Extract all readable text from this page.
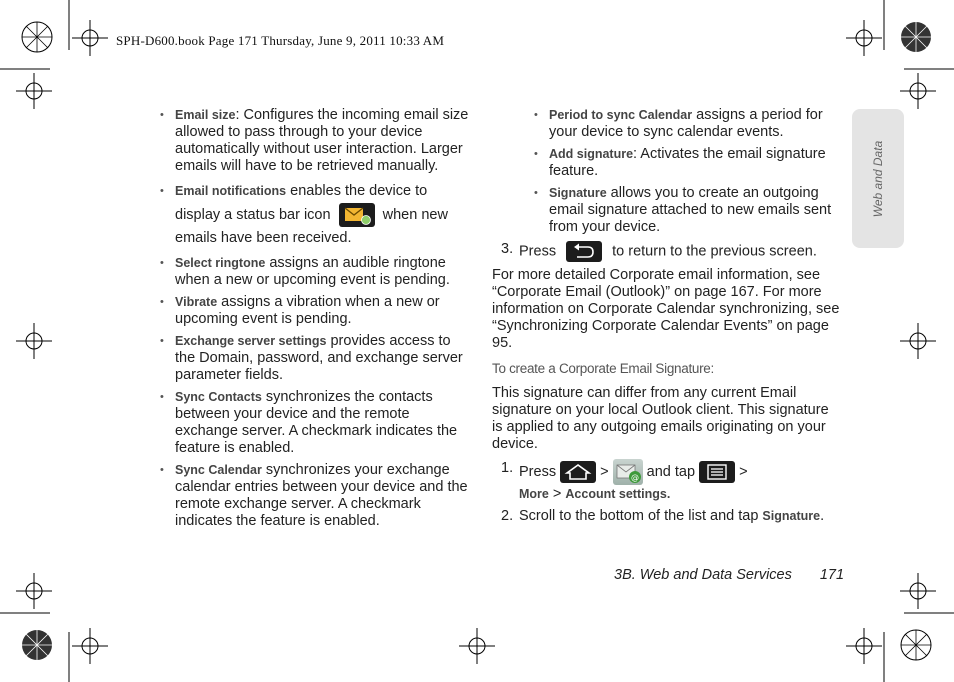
SPH-D600.book Page 171 Thursday, June 9, 2011 10:33 AM
Web and Data
• Email size: Configures the incoming email size allowed to pass through to your device automatically without user interaction. Larger emails will have to be retrieved manually.
• Email notifications enables the device to display a status bar icon	when new emails have been received.
• Select ringtone assigns an audible ringtone when a new or upcoming event is pending.
• Vibrate assigns a vibration when a new or upcoming event is pending.
• Exchange server settings provides access to the Domain, password, and exchange server parameter fields.
• Sync Contacts synchronizes the contacts between your device and the remote exchange server. A checkmark indicates the feature is enabled.
• Sync Calendar synchronizes your exchange calendar entries between your device and the remote exchange server. A checkmark indicates the feature is enabled.
• Period to sync Calendar assigns a period for your device to sync calendar events.
• Add signature: Activates the email signature feature.
• Signature allows you to create an outgoing email signature attached to new emails sent from your device.
3. Press	to return to the previous screen.

For more detailed Corporate email information, see “Corporate Email (Outlook)” on page 167. For more information on Corporate Calendar synchronizing, see “Synchronizing Corporate Calendar Events” on page 95.

To create a Corporate Email Signature:

This signature can differ from any current Email signature on your local Outlook client. This signature is applied to any outgoing emails originating on your device.

1. Press	> @ and tap  >
More > Account settings.
2. Scroll to the bottom of the list and tap Signature.
3B. Web and Data Services 171
